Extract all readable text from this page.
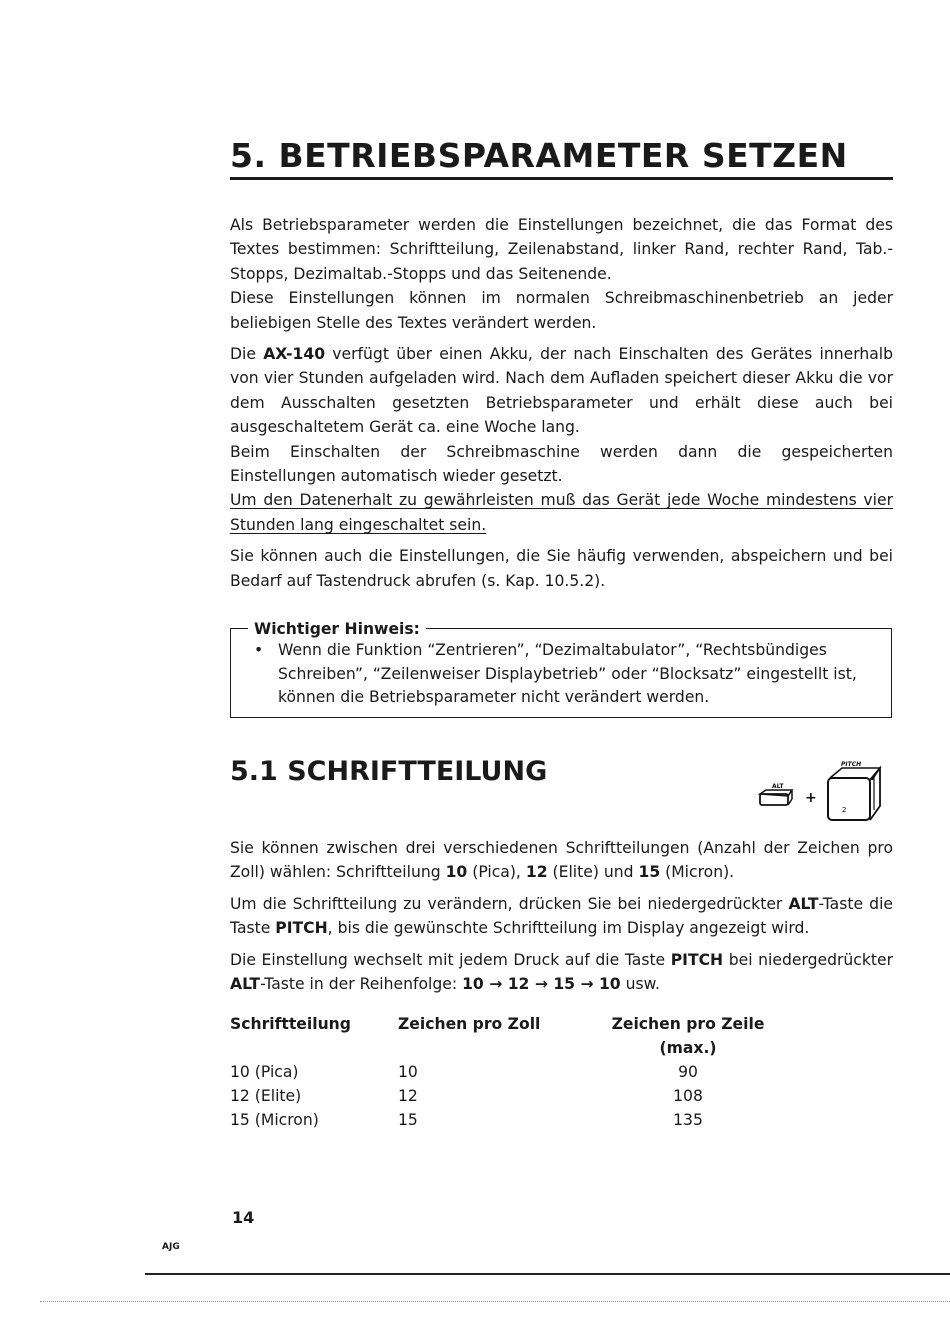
5. BETRIEBSPARAMETER SETZEN

Als Betriebsparameter werden die Einstellungen bezeichnet, die das Format des Textes bestimmen: Schriftteilung, Zeilenabstand, linker Rand, rechter Rand, Tab.-Stopps, Dezimaltab.-Stopps und das Seitenende.

Diese Einstellungen können im normalen Schreibmaschinenbetrieb an jeder beliebigen Stelle des Textes verändert werden.

Die AX-140 verfügt über einen Akku, der nach Einschalten des Gerätes innerhalb von vier Stunden aufgeladen wird. Nach dem Aufladen speichert dieser Akku die vor dem Ausschalten gesetzten Betriebsparameter und erhält diese auch bei ausgeschaltetem Gerät ca. eine Woche lang.

Beim Einschalten der Schreibmaschine werden dann die gespeicherten Einstellungen automatisch wieder gesetzt.

Um den Datenerhalt zu gewährleisten muß das Gerät jede Woche mindestens vier Stunden lang eingeschaltet sein.

Sie können auch die Einstellungen, die Sie häufig verwenden, abspeichern und bei Bedarf auf Tastendruck abrufen (s. Kap. 10.5.2).

Wichtiger Hinweis:
• Wenn die Funktion “Zentrieren”, “Dezimaltabulator”, “Rechtsbündiges Schreiben”, “Zeilenweiser Displaybetrieb” oder “Blocksatz” eingestellt ist, können die Betriebsparameter nicht verändert werden.
5.1 SCHRIFTTEILUNG	ALT
+
PITCH
2

Sie können zwischen drei verschiedenen Schriftteilungen (Anzahl der Zeichen pro Zoll) wählen: Schriftteilung 10 (Pica), 12 (Elite) und 15 (Micron).

Um die Schriftteilung zu verändern, drücken Sie bei niedergedrückter ALT-Taste die Taste PITCH, bis die gewünschte Schriftteilung im Display angezeigt wird.

Die Einstellung wechselt mit jedem Druck auf die Taste PITCH bei niedergedrückter ALT-Taste in der Reihenfolge: 10 → 12 → 15 → 10 usw.

Schriftteilung	Zeichen pro Zoll	Zeichen pro Zeile
(max.)
10 (Pica)	10	90
12 (Elite)	12	108
15 (Micron)	15	135
14
AJG
